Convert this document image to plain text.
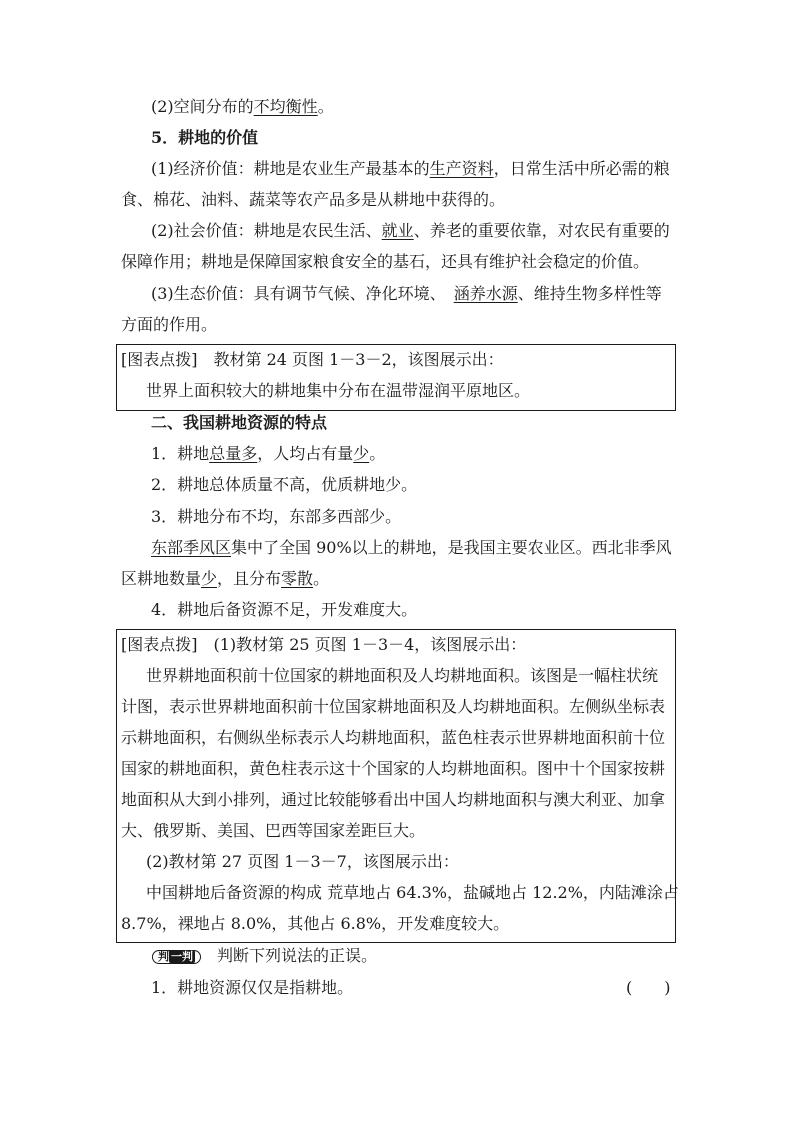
(2)空间分布的不均衡性。
5．耕地的价值
(1)经济价值：耕地是农业生产最基本的生产资料，日常生活中所必需的粮
食、棉花、油料、蔬菜等农产品多是从耕地中获得的。
(2)社会价值：耕地是农民生活、就业、养老的重要依靠，对农民有重要的
保障作用；耕地是保障国家粮食安全的基石，还具有维护社会稳定的价值。
(3)生态价值：具有调节气候、净化环境、　 涵养水源、维持生物多样性等
方面的作用。
[图表点拨]　教材第 24 页图 1－3－2，该图展示出：
世界上面积较大的耕地集中分布在温带湿润平原地区。
二、我国耕地资源的特点
1．耕地总量多，人均占有量少。
2．耕地总体质量不高，优质耕地少。
3．耕地分布不均，东部多西部少。
东部季风区集中了全国 90%以上的耕地，是我国主要农业区。西北非季风
区耕地数量少，且分布零散。
4．耕地后备资源不足，开发难度大。
[图表点拨]　(1)教材第 25 页图 1－3－4，该图展示出：
世界耕地面积前十位国家的耕地面积及人均耕地面积。该图是一幅柱状统
计图，表示世界耕地面积前十位国家耕地面积及人均耕地面积。左侧纵坐标表
示耕地面积，右侧纵坐标表示人均耕地面积，蓝色柱表示世界耕地面积前十位
国家的耕地面积，黄色柱表示这十个国家的人均耕地面积。图中十个国家按耕
地面积从大到小排列，通过比较能够看出中国人均耕地面积与澳大利亚、加拿
大、俄罗斯、美国、巴西等国家差距巨大。
(2)教材第 27 页图 1－3－7，该图展示出：
中国耕地后备资源的构成 荒草地占 64.3%，盐碱地占 12.2%，内陆滩涂占
8.7%，裸地占 8.0%，其他占 6.8%，开发难度较大。
判 一判　 判断下列说法的正误。
1．耕地资源仅仅是指耕地。	(　　)
